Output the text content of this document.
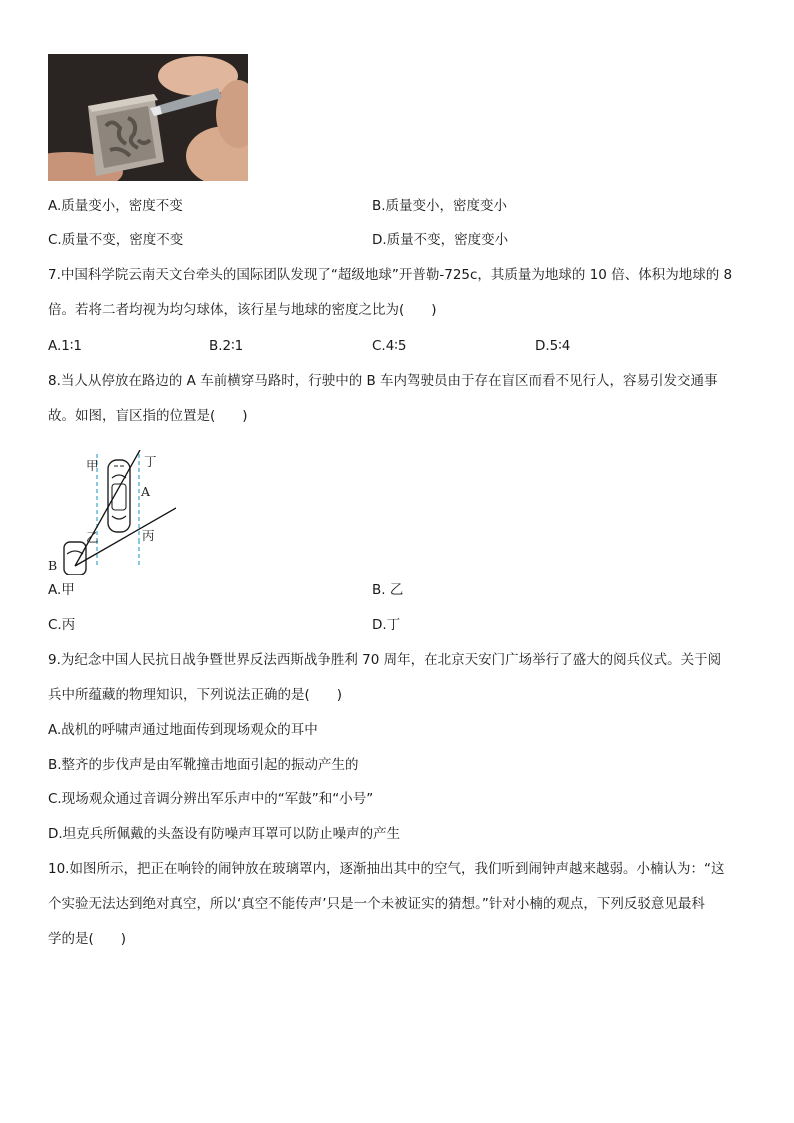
A.质量变小，密度不变	B.质量变小，密度变小
C.质量不变，密度不变	D.质量不变，密度变小
7.中国科学院云南天文台牵头的国际团队发现了“超级地球”开普勒-725c，其质量为地球的 10 倍、体积为地球的 8
倍。若将二者均视为均匀球体，该行星与地球的密度之比为(　　)
A.1∶1	B.2∶1	C.4∶5	D.5∶4
8.当人从停放在路边的 A 车前横穿马路时，行驶中的 B 车内驾驶员由于存在盲区而看不见行人，容易引发交通事
故。如图，盲区指的位置是(　　)
甲	丁
A
乙	丙
B
A.甲	B. 乙
C.丙	D.丁
9.为纪念中国人民抗日战争暨世界反法西斯战争胜利 70 周年，在北京天安门广场举行了盛大的阅兵仪式。关于阅
兵中所蕴藏的物理知识，下列说法正确的是(　　)
A.战机的呼啸声通过地面传到现场观众的耳中
B.整齐的步伐声是由军靴撞击地面引起的振动产生的
C.现场观众通过音调分辨出军乐声中的“军鼓”和“小号”
D.坦克兵所佩戴的头盔设有防噪声耳罩可以防止噪声的产生
10.如图所示，把正在响铃的闹钟放在玻璃罩内，逐渐抽出其中的空气，我们听到闹钟声越来越弱。小楠认为：“这
个实验无法达到绝对真空，所以‘真空不能传声’只是一个未被证实的猜想。”针对小楠的观点，下列反驳意见最科
学的是(　　)
